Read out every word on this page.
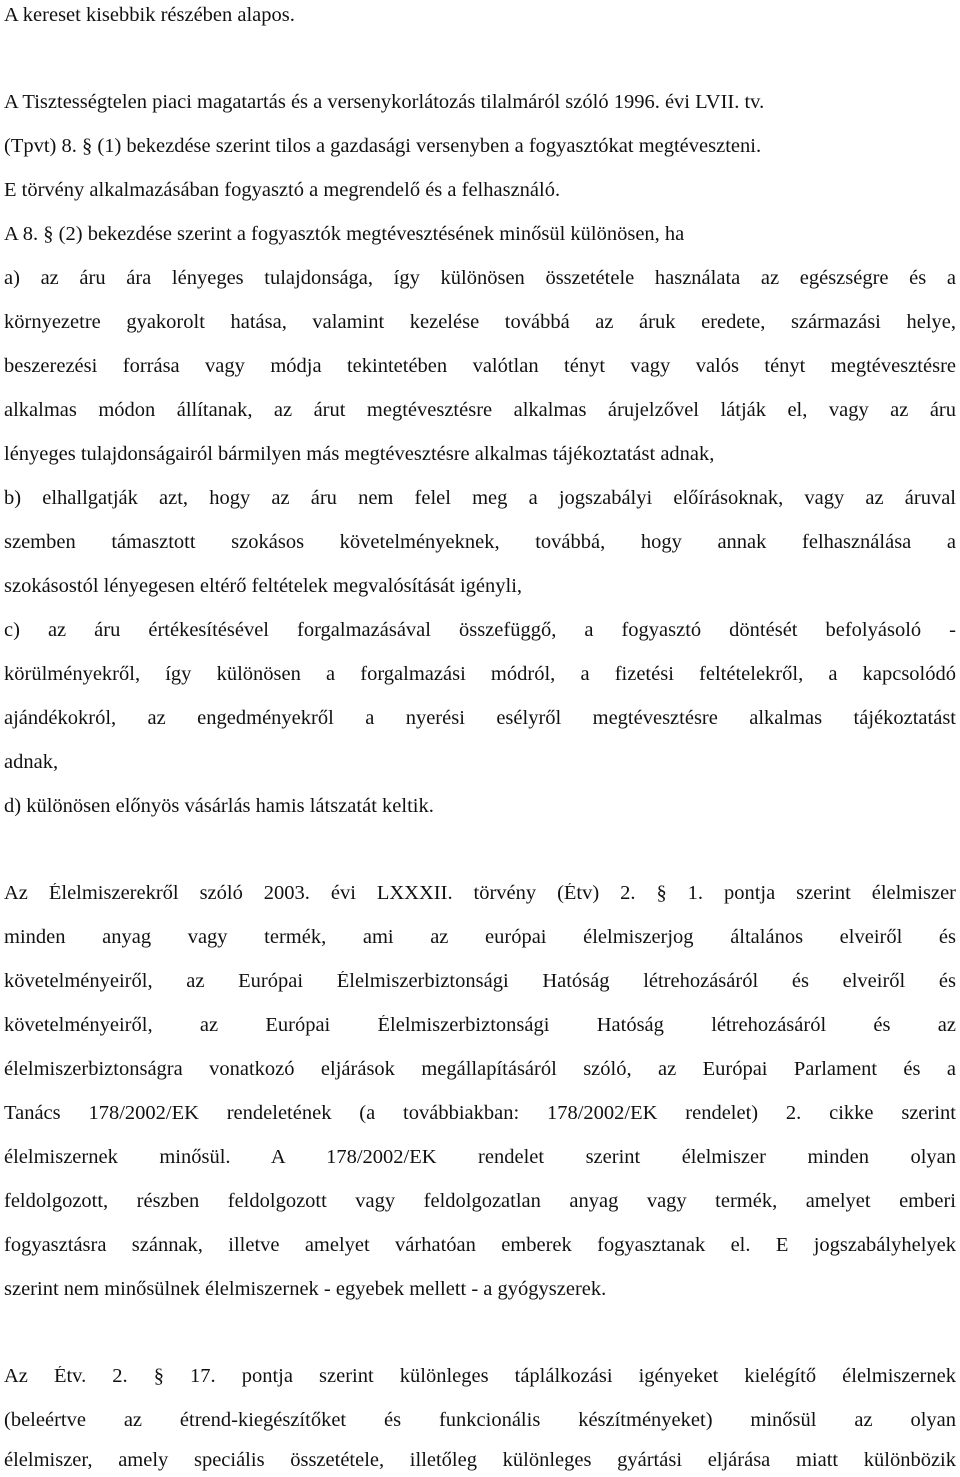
A kereset kisebbik részében alapos.
A Tisztességtelen piaci magatartás és a versenykorlátozás tilalmáról szóló 1996. évi LVII. tv.
(Tpvt) 8. § (1) bekezdése szerint tilos a gazdasági versenyben a fogyasztókat megtéveszteni.
E törvény alkalmazásában fogyasztó a megrendelő és a felhasználó.
A 8. § (2) bekezdése szerint a fogyasztók megtévesztésének minősül különösen, ha
a) az áru ára lényeges tulajdonsága, így különösen összetétele használata az egészségre és a
környezetre gyakorolt hatása, valamint kezelése továbbá az áruk eredete, származási helye,
beszerezési forrása vagy módja tekintetében valótlan tényt vagy valós tényt megtévesztésre
alkalmas módon állítanak, az árut megtévesztésre alkalmas árujelzővel látják el, vagy az áru
lényeges tulajdonságairól bármilyen más megtévesztésre alkalmas tájékoztatást adnak,
b) elhallgatják azt, hogy az áru nem felel meg a jogszabályi előírásoknak, vagy az áruval
szemben támasztott szokásos követelményeknek, továbbá, hogy annak felhasználása a
szokásostól lényegesen eltérő feltételek megvalósítását igényli,
c) az áru értékesítésével forgalmazásával összefüggő, a fogyasztó döntését befolyásoló -
körülményekről, így különösen a forgalmazási módról, a fizetési feltételekről, a kapcsolódó
ajándékokról, az engedményekről a nyerési esélyről megtévesztésre alkalmas tájékoztatást
adnak,
d) különösen előnyös vásárlás hamis látszatát keltik.
Az Élelmiszerekről szóló 2003. évi LXXXII. törvény (Étv) 2. § 1. pontja szerint élelmiszer
minden anyag vagy termék, ami az európai élelmiszerjog általános elveiről és
követelményeiről, az Európai Élelmiszerbiztonsági Hatóság létrehozásáról és elveiről és
követelményeiről, az Európai Élelmiszerbiztonsági Hatóság létrehozásáról és az
élelmiszerbiztonságra vonatkozó eljárások megállapításáról szóló, az Európai Parlament és a
Tanács 178/2002/EK rendeletének (a továbbiakban: 178/2002/EK rendelet) 2. cikke szerint
élelmiszernek minősül. A 178/2002/EK rendelet szerint élelmiszer minden olyan
feldolgozott, részben feldolgozott vagy feldolgozatlan anyag vagy termék, amelyet emberi
fogyasztásra szánnak, illetve amelyet várhatóan emberek fogyasztanak el. E jogszabályhelyek
szerint nem minősülnek élelmiszernek - egyebek mellett - a gyógyszerek.
Az Étv. 2. § 17. pontja szerint különleges táplálkozási igényeket kielégítő élelmiszernek
(beleértve az étrend-kiegészítőket és funkcionális készítményeket) minősül az olyan
élelmiszer, amely speciális összetétele, illetőleg különleges gyártási eljárása miatt különbözik
